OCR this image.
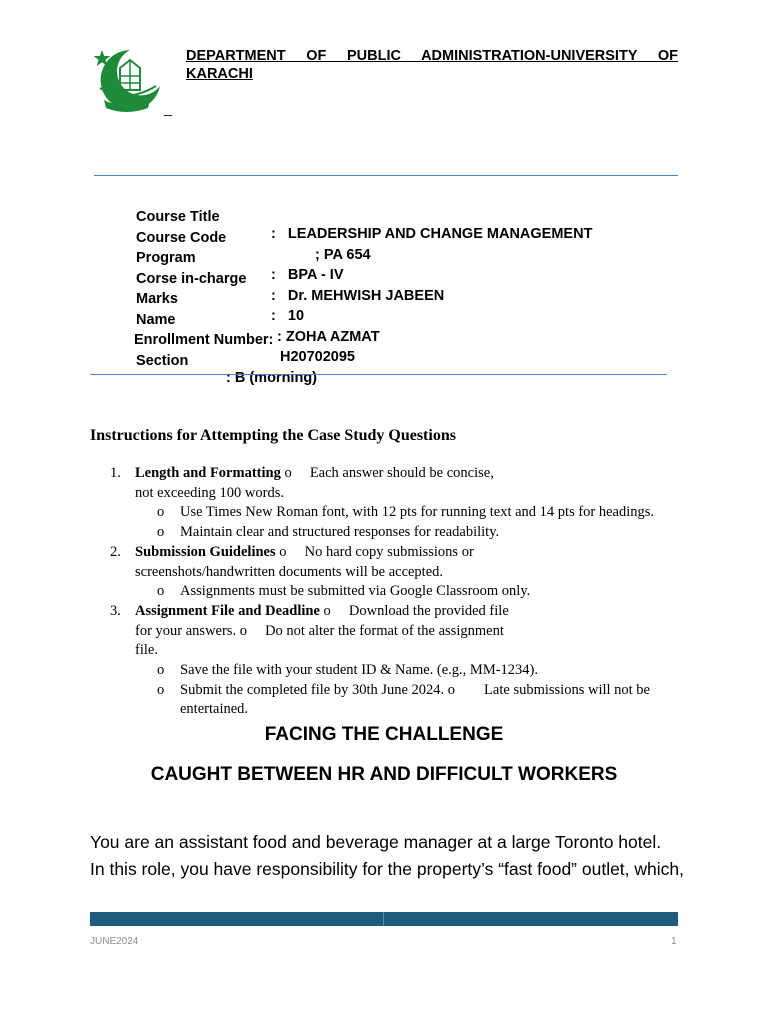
DEPARTMENT OF PUBLIC ADMINISTRATION-UNIVERSITY OF KARACHI
_

Course Title

:   LEADERSHIP AND CHANGE MANAGEMENT

Course Code

; PA 654

Program

:   BPA - IV

Corse in-charge

:   Dr. MEHWISH JABEEN

Marks

:   10

Name

: ZOHA AZMAT

Enrollment Number:

H20702095

Section

: B (morning)

Instructions for Attempting the Case Study Questions
1. Length and Formatting o     Each answer should be concise,
not exceeding 100 words.
o Use Times New Roman font, with 12 pts for running text and 14 pts for headings.
o Maintain clear and structured responses for readability.
2. Submission Guidelines o     No hard copy submissions or
screenshots/handwritten documents will be accepted.
o Assignments must be submitted via Google Classroom only.
3. Assignment File and Deadline o     Download the provided file
for your answers. o     Do not alter the format of the assignment
file.
o Save the file with your student ID & Name. (e.g., MM-1234).
o Submit the completed file by 30th June 2024. o        Late submissions will not be
entertained.
FACING THE CHALLENGE
CAUGHT BETWEEN HR AND DIFFICULT WORKERS
You are an assistant food and beverage manager at a large Toronto hotel.
In this role, you have responsibility for the property’s “fast food” outlet, which,
JUNE2024	1
